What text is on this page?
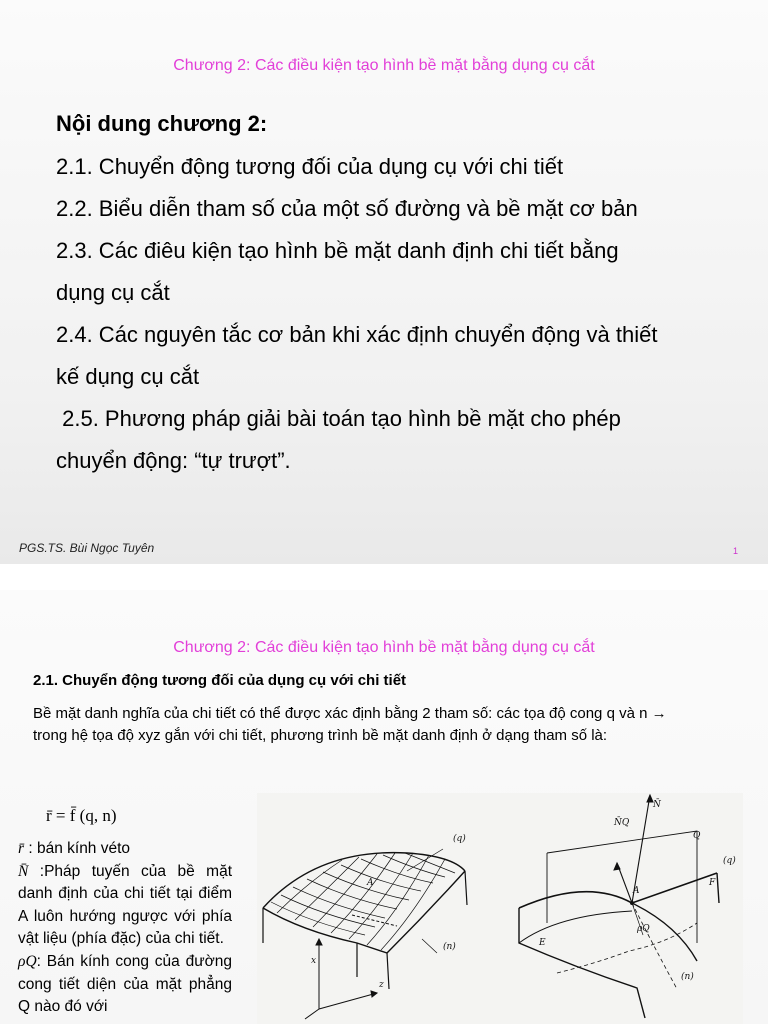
Chương 2: Các điều kiện tạo hình bề mặt bằng dụng cụ cắt
Nội dung chương 2:
2.1. Chuyển động tương đối của dụng cụ với chi tiết
2.2. Biểu diễn tham số của một số đường và bề mặt cơ bản
2.3. Các điêu kiện tạo hình bề mặt danh định chi tiết bằng
dụng cụ cắt
2.4. Các nguyên tắc cơ bản khi xác định chuyển động và thiết
kế dụng cụ cắt
2.5. Phương pháp giải bài toán tạo hình bề mặt cho phép
chuyển động: “tự trượt”.
PGS.TS. Bùi Ngọc Tuyên	1
Chương 2: Các điều kiện tạo hình bề mặt bằng dụng cụ cắt
2.1. Chuyển động tương đối của dụng cụ với chi tiết
Bề mặt danh nghĩa của chi tiết có thể được xác định bằng 2 tham số: các tọa độ cong q và n → trong hệ tọa độ xyz gắn với chi tiết, phương trình bề mặt danh định ở dạng tham số là:
r̄ = f̄ (q, n)
r̄ : bán kính véto
N̄ :Pháp tuyến của bề mặt danh định của chi tiết tại điểm A luôn hướng ngược với phía vật liệu (phía đặc) của chi tiết.
ρQ: Bán kính cong của đường cong tiết diện của mặt phẳng Q nào đó với
(q)
(n)
A
x
z
N̄
N̄Q
(q)
Q
A
F
E
ρQ
(n)
